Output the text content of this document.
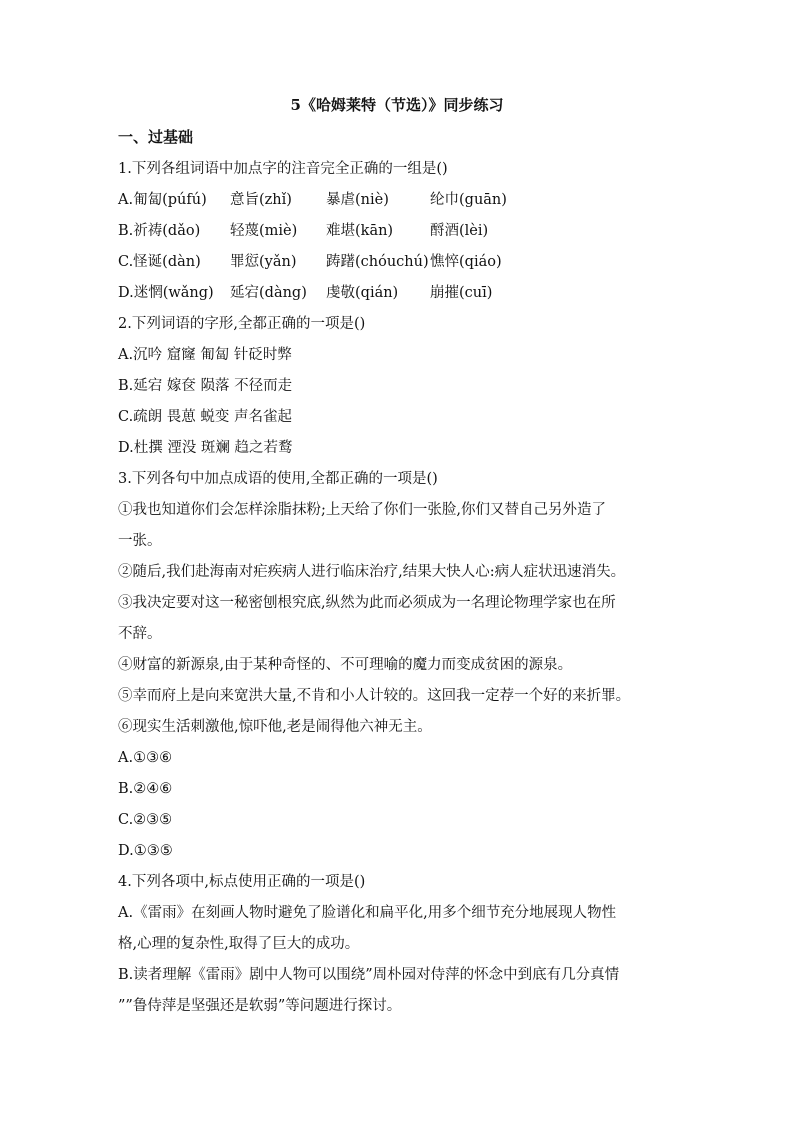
5《哈姆莱特（节选）》同步练习
一、过基础
1.下列各组词语中加点字的注音完全正确的一组是()
A.匍匐(púfú)	意旨(zhǐ)	暴虐(niè)	纶巾(guān)
B.祈祷(dǎo)	轻蔑(miè)	难堪(kān)	酹酒(lèi)
C.怪诞(dàn)	罪愆(yǎn)	踌躇(chóuchú) 憔悴(qiáo)
D.迷惘(wǎng)	延宕(dàng)	虔敬(qián)	崩摧(cuī)
2.下列词语的字形,全都正确的一项是()
A.沉吟 窟窿 匍匐 针砭时弊
B.延宕 嫁奁 陨落 不径而走
C.疏朗 畏葸 蜕变 声名雀起
D.杜撰 湮没 斑斓 趋之若鹜
3.下列各句中加点成语的使用,全都正确的一项是()
①我也知道你们会怎样涂脂抹粉;上天给了你们一张脸,你们又替自己另外造了
一张。
②随后,我们赴海南对疟疾病人进行临床治疗,结果大快人心:病人症状迅速消失。
③我决定要对这一秘密刨根究底,纵然为此而必须成为一名理论物理学家也在所
不辞。
④财富的新源泉,由于某种奇怪的、不可理喻的魔力而变成贫困的源泉。
⑤幸而府上是向来宽洪大量,不肯和小人计较的。这回我一定荐一个好的来折罪。
⑥现实生活刺激他,惊吓他,老是闹得他六神无主。
A.①③⑥
B.②④⑥
C.②③⑤
D.①③⑤
4.下列各项中,标点使用正确的一项是()
A.《雷雨》在刻画人物时避免了脸谱化和扁平化,用多个细节充分地展现人物性
格,心理的复杂性,取得了巨大的成功。
B.读者理解《雷雨》剧中人物可以围绕”周朴园对侍萍的怀念中到底有几分真情
””鲁侍萍是坚强还是软弱”等问题进行探讨。
